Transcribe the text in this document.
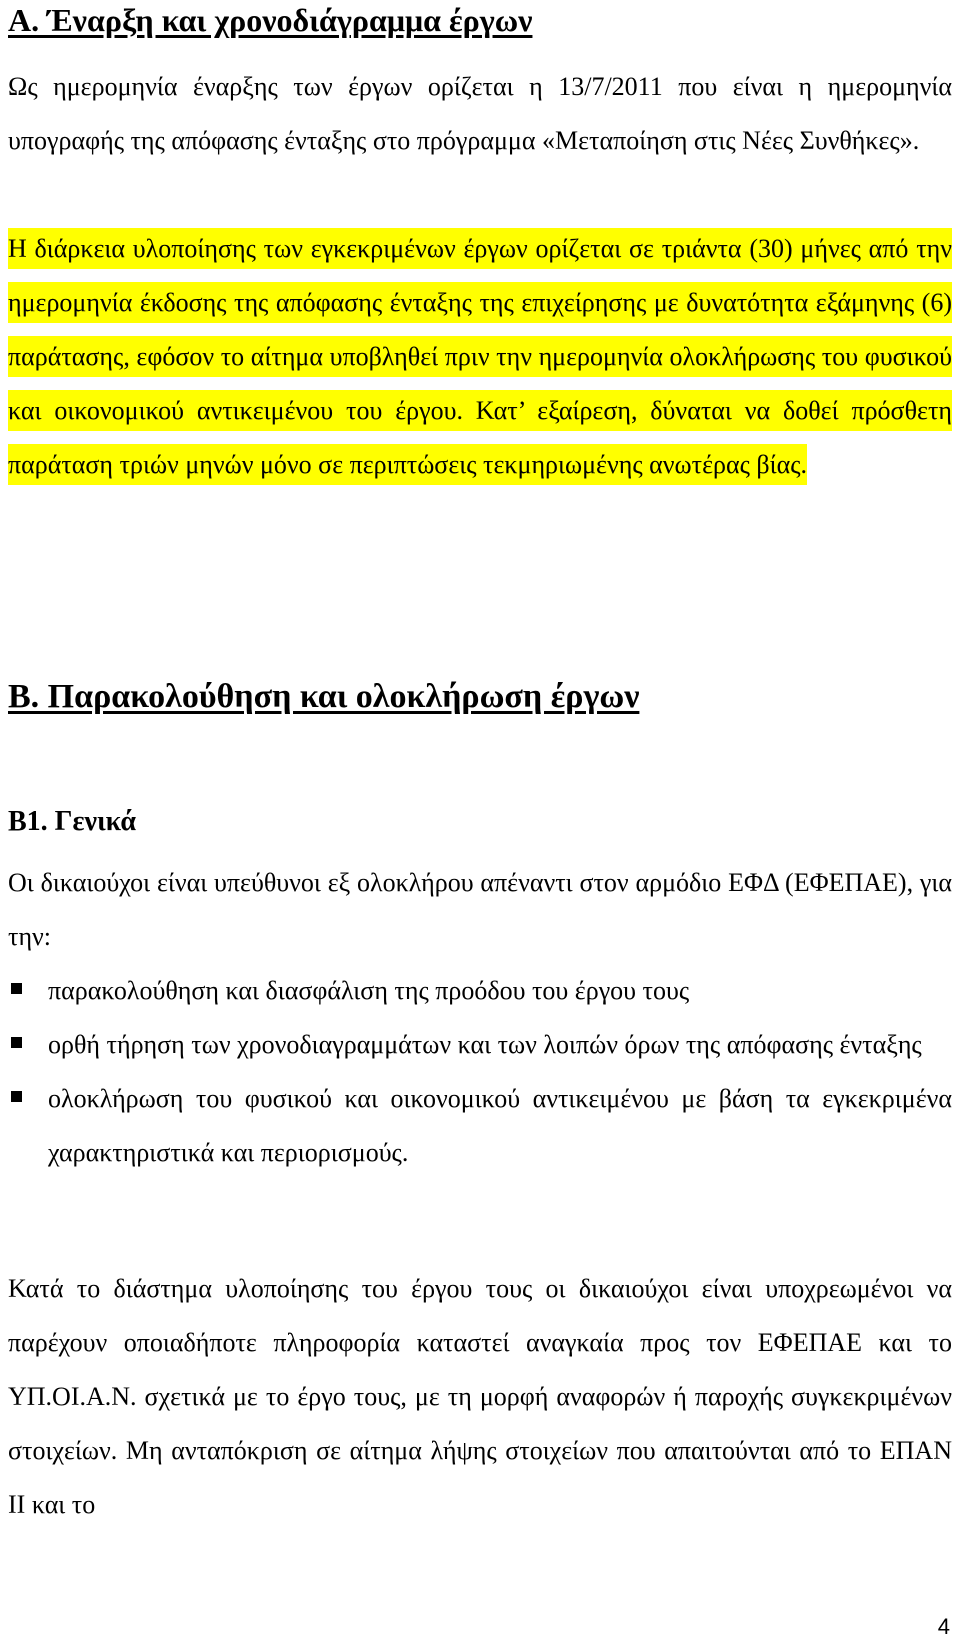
Α. Έναρξη και χρονοδιάγραμμα έργων

Ως ημερομηνία έναρξης των έργων ορίζεται η 13/7/2011 που είναι η ημερομηνία υπογραφής της απόφασης ένταξης στο πρόγραμμα «Μεταποίηση στις Νέες Συνθήκες».

Η διάρκεια υλοποίησης των εγκεκριμένων έργων ορίζεται σε τριάντα (30) μήνες από την ημερομηνία έκδοσης της απόφασης ένταξης της επιχείρησης με δυνατότητα εξάμηνης (6) παράτασης, εφόσον το αίτημα υποβληθεί πριν την ημερομηνία ολοκλήρωσης του φυσικού και οικονομικού αντικειμένου του έργου. Κατ’ εξαίρεση, δύναται να δοθεί πρόσθετη παράταση τριών μηνών μόνο σε περιπτώσεις τεκμηριωμένης ανωτέρας βίας.

Β. Παρακολούθηση και ολοκλήρωση έργων
Β1. Γενικά

Οι δικαιούχοι είναι υπεύθυνοι εξ ολοκλήρου απέναντι στον αρμόδιο ΕΦΔ (ΕΦΕΠΑΕ), για την:

παρακολούθηση και διασφάλιση της προόδου του έργου τους
ορθή τήρηση των χρονοδιαγραμμάτων και των λοιπών όρων της απόφασης ένταξης
ολοκλήρωση του φυσικού και οικονομικού αντικειμένου με βάση τα εγκεκριμένα χαρακτηριστικά και περιορισμούς.

Κατά το διάστημα υλοποίησης του έργου τους οι δικαιούχοι είναι υποχρεωμένοι να παρέχουν οποιαδήποτε πληροφορία καταστεί αναγκαία προς τον ΕΦΕΠΑΕ και το ΥΠ.ΟΙ.Α.Ν. σχετικά με το έργο τους, με τη μορφή αναφορών ή παροχής συγκεκριμένων στοιχείων. Μη ανταπόκριση σε αίτημα λήψης στοιχείων που απαιτούνται από το ΕΠΑΝ ΙΙ και το

4
